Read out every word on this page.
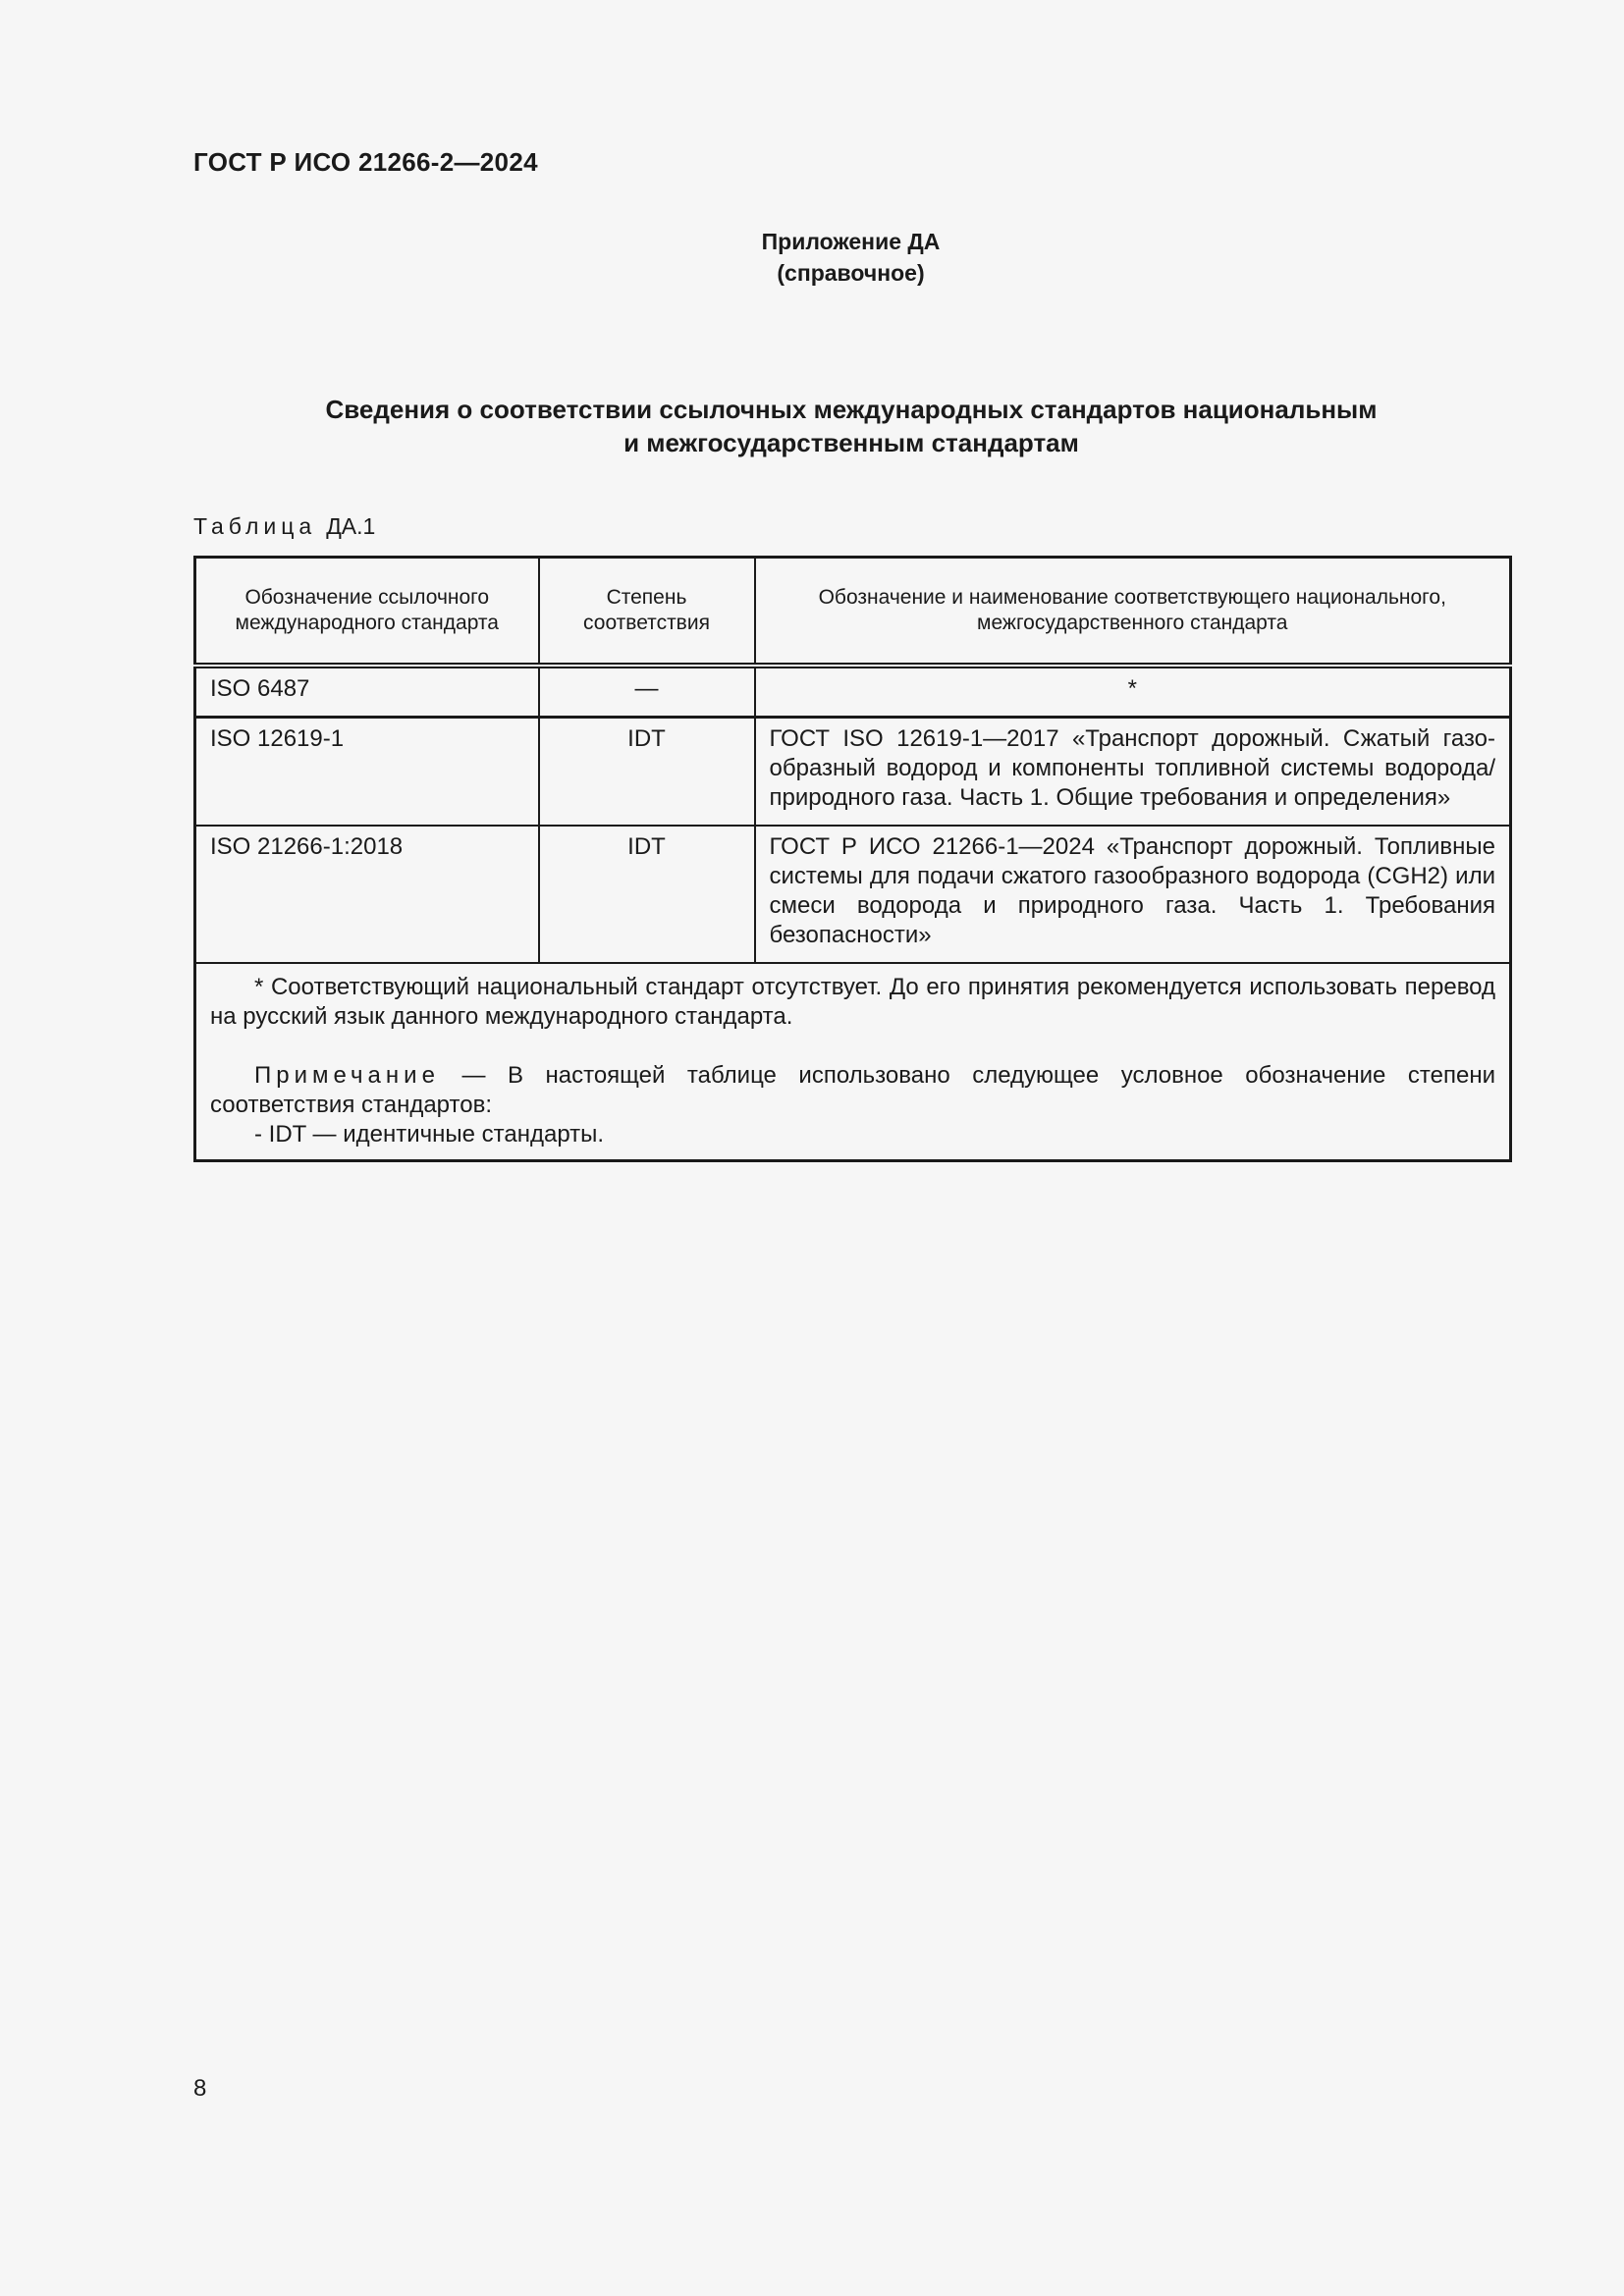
ГОСТ Р ИСО 21266-2—2024
Приложение ДА
(справочное)
Сведения о соответствии ссылочных международных стандартов национальным
и межгосударственным стандартам
Таблица ДА.1
Обозначение ссылочного международного стандарта	Степень соответствия	Обозначение и наименование соответствующего национального, межгосударственного стандарта
ISO 6487	—	*
ISO 12619-1	IDT	ГОСТ ISO 12619-1—2017 «Транспорт дорожный. Сжатый газо-образный водород и компоненты топливной системы водорода/природного газа. Часть 1. Общие требования и определения»
ISO 21266-1:2018	IDT	ГОСТ Р ИСО 21266-1—2024 «Транспорт дорожный. Топливные системы для подачи сжатого газообразного водорода (CGH2) или смеси водорода и природного газа. Часть 1. Требования безопасности»

* Соответствующий национальный стандарт отсутствует. До его принятия рекомендуется использовать перевод на русский язык данного международного стандарта.

Примечание — В настоящей таблице использовано следующее условное обозначение степени соответствия стандартов:

- IDT — идентичные стандарты.		

8
